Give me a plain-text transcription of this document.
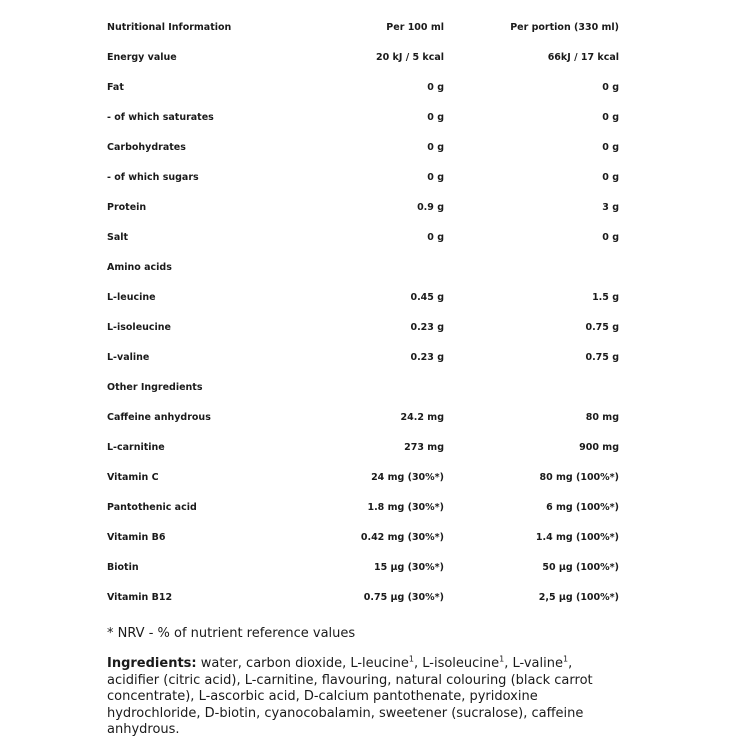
Nutritional Information	Per 100 ml	Per portion (330 ml)
Energy value	20 kJ / 5 kcal	66kJ / 17 kcal
Fat	0 g	0 g
- of which saturates	0 g	0 g
Carbohydrates	0 g	0 g
- of which sugars	0 g	0 g
Protein	0.9 g	3 g
Salt	0 g	0 g
Amino acids		
L-leucine	0.45 g	1.5 g
L-isoleucine	0.23 g	0.75 g
L-valine	0.23 g	0.75 g
Other Ingredients		
Caffeine anhydrous	24.2 mg	80 mg
L-carnitine	273 mg	900 mg
Vitamin C	24 mg (30%*)	80 mg (100%*)
Pantothenic acid	1.8 mg (30%*)	6 mg (100%*)
Vitamin B6	0.42 mg (30%*)	1.4 mg (100%*)
Biotin	15 µg (30%*)	50 µg (100%*)
Vitamin B12	0.75 µg (30%*)	2,5 µg (100%*)
* NRV - % of nutrient reference values

Ingredients: water, carbon dioxide, L-leucine$^1$, L-isoleucine$^1$, L-valine$^1$, acidifier (citric acid), L-carnitine, flavouring, natural colouring (black carrot concentrate), L-ascorbic acid, D-calcium pantothenate, pyridoxine hydrochloride, D-biotin, cyanocobalamin, sweetener (sucralose), caffeine anhydrous.
